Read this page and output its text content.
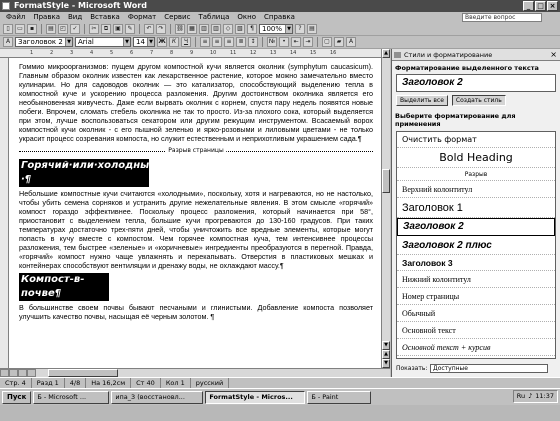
FormatStyle - Microsoft Word	_ □ ×
Файл	Правка	Вид	Вставка	Формат	Сервис	Таблица	Окно	Справка	Введите вопрос
▯	▭	▪	▤	◰	✓	✂	⧉	▣	✎	↶	↷	⛓ ▦	▥	▥	◇	▧	¶	100%	▼	?	▤
A	Заголовок 2 ▼	Arial	▼	14 ▼ Ж	К	Ч	≡	≡	≡	≣	↕	№	•	⇤	⇥	▢	▰	A
1	2	3	4	5	6	7	8	9	10	11	12	13	14	15	16

Гоммио микроорганизмов: пущем другом компостной кучи является околник (symphytum caucasicum). Главным образом околник известен как лекарственное растение, которое можно замечательно вместо кулинарии. Но для садоводов околник — это катализатор, способствующий выделению тепла в компостной куче и ускорению процесса разложения. Другим достоинством околника является его необыкновенная живучесть. Даже если вырвать околник с корнем, спустя пару недель появятся новые побеги. Впрочем, сломать стебель околника не так то просто. Из-за плохого сока, который выделяется при этом, лучше воспользоваться секатором или другим режущим инструментом. Всасаемый ворох компостной кучи околник - с его пышной зеленью и ярко-розовыми и лиловыми цветами - не только украсит процесс созревания компоста, но служит естественным и неприхотливым украшением сада.¶

Разрыв страницы
Горячий·или·холодный?·¶

Небольшие компостные кучи считаются «холодными», поскольку, хотя и нагреваются, но не настолько, чтобы убить семена сорняков и устранить другие нежелательные явления. В этом смысле «горячий» компост гораздо эффективнее. Поскольку процесс разложения, который начинается при 58°, приостановит с выделением тепла, большие кучи прогреваются до 130-160 градусов. При таких температурах достаточно трех-пяти дней, чтобы уничтожить все вредные элементы, которые могут попасть в кучу вместе с компостом. Чем горячее компостная куча, тем интенсивнее процессы разложения, тем быстрее «зеленые» и «коричневые» ингредиенты преобразуются в перегной. Правда, «горячий» компост нужно чаще увлажнять и перекапывать. Отверстия в пластиковых мешках и контейнерах способствуют вентиляции и дренажу воды, не охлаждают массу.¶

Компост-в-почве¶

В большинстве своем почвы бывают песчаными и глинистыми. Добавление компоста позволяет улучшить качество почвы, насыщая её черным золотом. ¶

▲
▼
▲
▼
Стили и форматирование	×
Форматирование выделенного текста
Заголовок 2
Выделить все	Создать стиль
Выберите форматирование для применения
Очистить формат
Bold Heading
Разрыв
Верхний колонтитул
Заголовок 1
Заголовок 2
Заголовок 2 плюс
Заголовок 3
Нижний колонтитул
Номер страницы
Обычный
Основной текст
Основной текст + курсив
Показать: Доступные
Стр. 4	Разд 1	4/8	На 16,2см	Ст 40	Кол 1	русский
Пуск	Б - Microsoft ...	ипа_3 (восстановл...	FormatStyle - Micros...	Б - Paint	Ru ♪ 11:37
